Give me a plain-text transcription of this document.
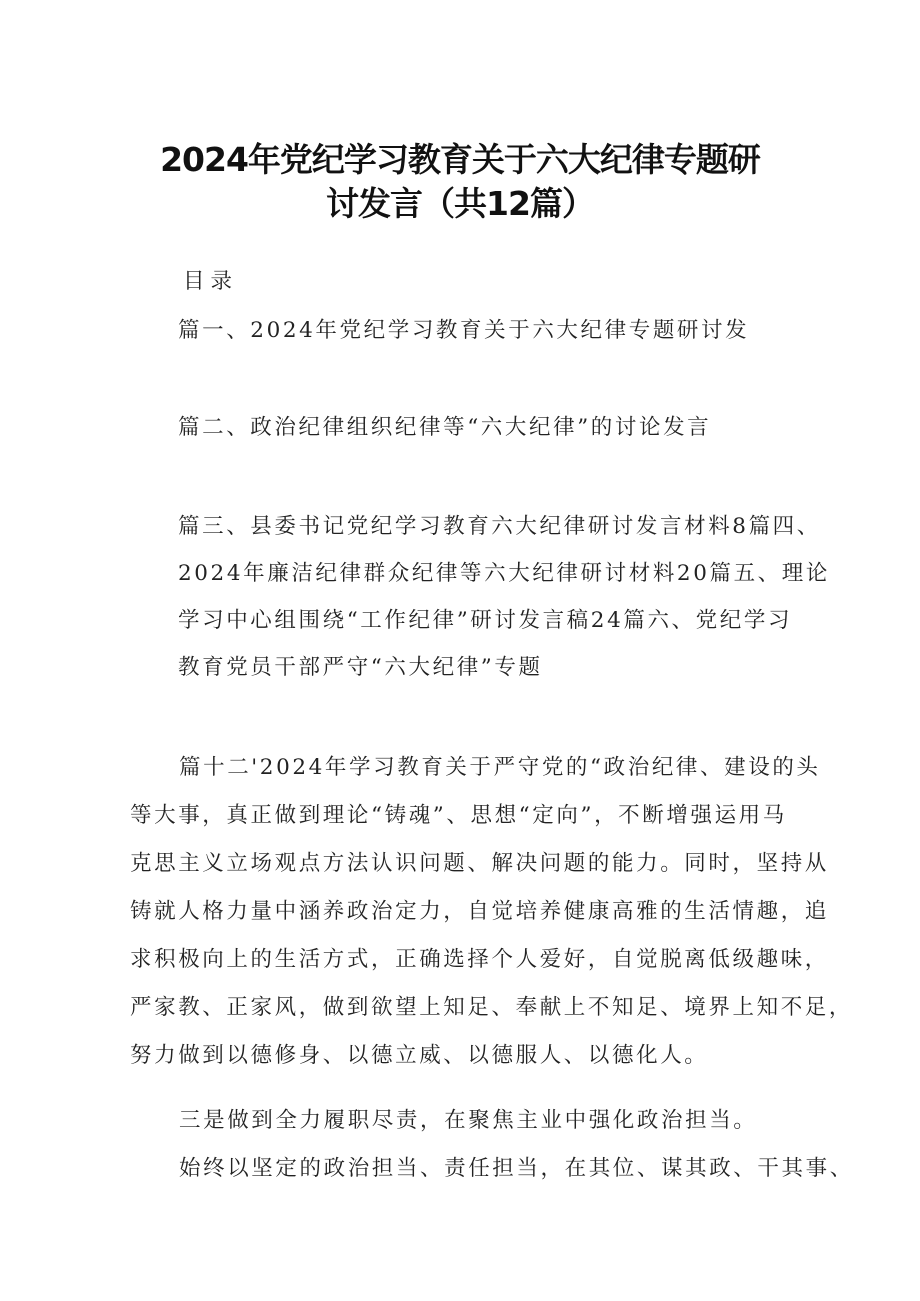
2024年党纪学习教育关于六大纪律专题研
讨发言（共12篇）
目录
篇一、2024年党纪学习教育关于六大纪律专题研讨发
篇二、政治纪律组织纪律等“六大纪律”的讨论发言
篇三、县委书记党纪学习教育六大纪律研讨发言材料8篇四、
2024年廉洁纪律群众纪律等六大纪律研讨材料20篇五、理论
学习中心组围绕“工作纪律”研讨发言稿24篇六、党纪学习
教育党员干部严守“六大纪律”专题
篇十二'2024年学习教育关于严守党的“政治纪律、建设的头
等大事，真正做到理论“铸魂”、思想“定向”，不断增强运用马
克思主义立场观点方法认识问题、解决问题的能力。同时，坚持从
铸就人格力量中涵养政治定力，自觉培养健康高雅的生活情趣，追
求积极向上的生活方式，正确选择个人爱好，自觉脱离低级趣味，
严家教、正家风，做到欲望上知足、奉献上不知足、境界上知不足，
努力做到以德修身、以德立威、以德服人、以德化人。
三是做到全力履职尽责，在聚焦主业中强化政治担当。
始终以坚定的政治担当、责任担当，在其位、谋其政、干其事、
